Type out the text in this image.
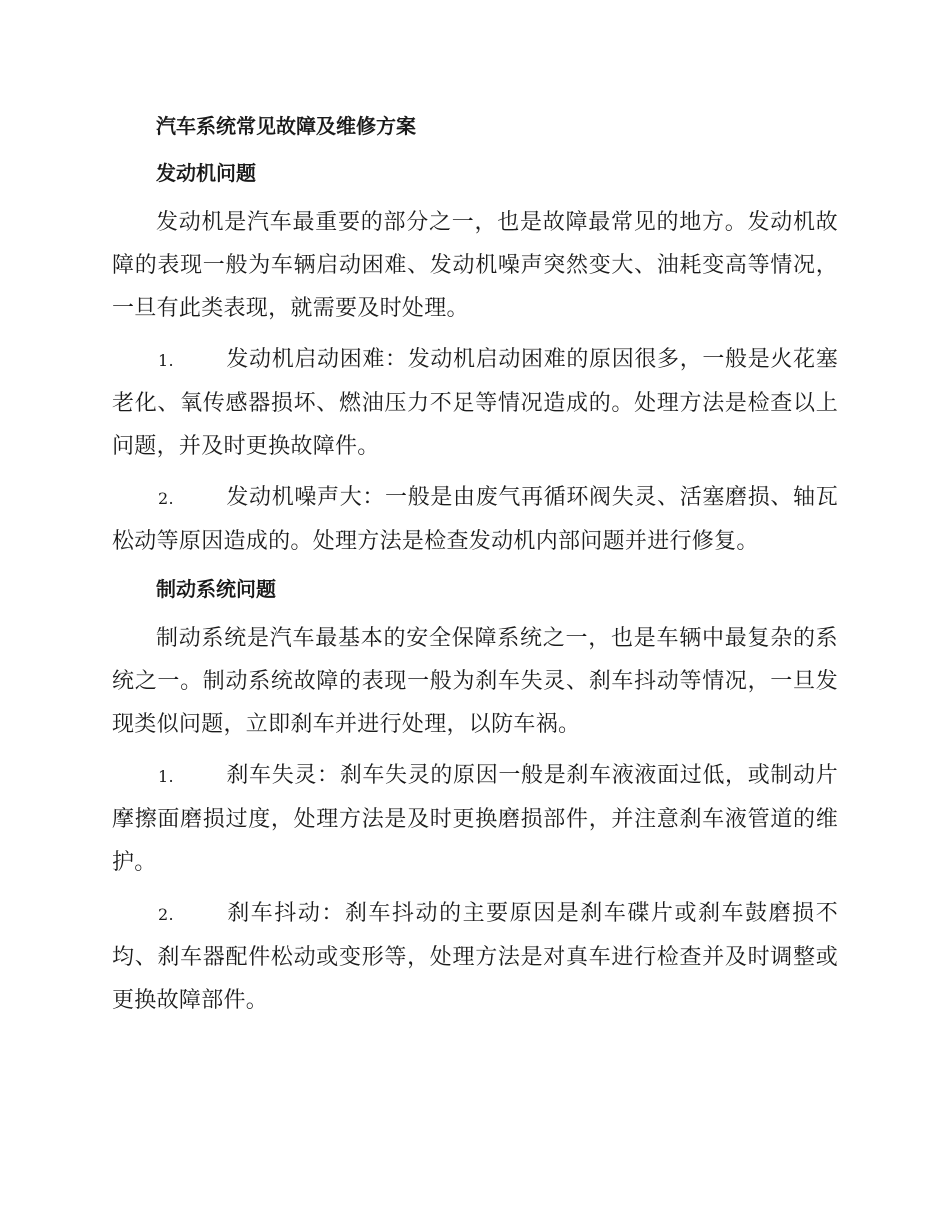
汽车系统常见故障及维修方案
发动机问题

发动机是汽车最重要的部分之一，也是故障最常见的地方。发动机故障的表现一般为车辆启动困难、发动机噪声突然变大、油耗变高等情况，一旦有此类表现，就需要及时处理。

1. 发动机启动困难：发动机启动困难的原因很多，一般是火花塞老化、氧传感器损坏、燃油压力不足等情况造成的。处理方法是检查以上问题，并及时更换故障件。

2. 发动机噪声大：一般是由废气再循环阀失灵、活塞磨损、轴瓦松动等原因造成的。处理方法是检查发动机内部问题并进行修复。

制动系统问题

制动系统是汽车最基本的安全保障系统之一，也是车辆中最复杂的系统之一。制动系统故障的表现一般为刹车失灵、刹车抖动等情况，一旦发现类似问题，立即刹车并进行处理，以防车祸。

1. 刹车失灵：刹车失灵的原因一般是刹车液液面过低，或制动片摩擦面磨损过度，处理方法是及时更换磨损部件，并注意刹车液管道的维护。

2. 刹车抖动：刹车抖动的主要原因是刹车碟片或刹车鼓磨损不均、刹车器配件松动或变形等，处理方法是对真车进行检查并及时调整或更换故障部件。
